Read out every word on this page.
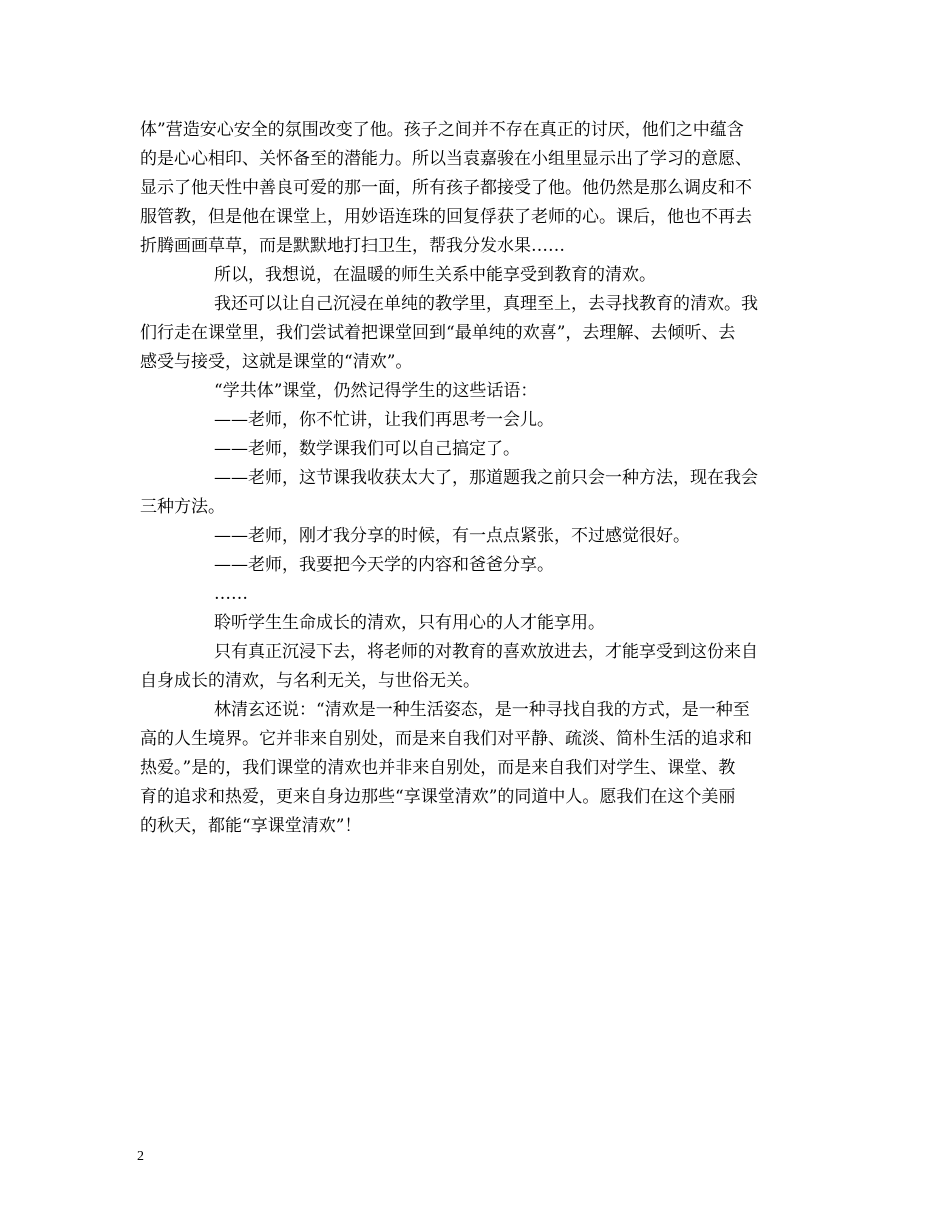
体”营造安心安全的氛围改变了他。孩子之间并不存在真正的讨厌，他们之中蕴含
的是心心相印、关怀备至的潜能力。所以当袁嘉骏在小组里显示出了学习的意愿、
显示了他天性中善良可爱的那一面，所有孩子都接受了他。他仍然是那么调皮和不
服管教，但是他在课堂上，用妙语连珠的回复俘获了老师的心。课后，他也不再去
折腾画画草草，而是默默地打扫卫生，帮我分发水果……
所以，我想说，在温暖的师生关系中能享受到教育的清欢。
我还可以让自己沉浸在单纯的教学里，真理至上，去寻找教育的清欢。我
们行走在课堂里，我们尝试着把课堂回到“最单纯的欢喜”，去理解、去倾听、去
感受与接受，这就是课堂的“清欢”。
“学共体”课堂，仍然记得学生的这些话语：
——老师，你不忙讲，让我们再思考一会儿。
——老师，数学课我们可以自己搞定了。
——老师，这节课我收获太大了，那道题我之前只会一种方法，现在我会
三种方法。
——老师，刚才我分享的时候，有一点点紧张，不过感觉很好。
——老师，我要把今天学的内容和爸爸分享。
……
聆听学生生命成长的清欢，只有用心的人才能享用。
只有真正沉浸下去，将老师的对教育的喜欢放进去，才能享受到这份来自
自身成长的清欢，与名利无关，与世俗无关。
林清玄还说：“清欢是一种生活姿态，是一种寻找自我的方式，是一种至
高的人生境界。它并非来自别处，而是来自我们对平静、疏淡、简朴生活的追求和
热爱。”是的，我们课堂的清欢也并非来自别处，而是来自我们对学生、课堂、教
育的追求和热爱，更来自身边那些“享课堂清欢”的同道中人。愿我们在这个美丽
的秋天，都能“享课堂清欢”！
2
